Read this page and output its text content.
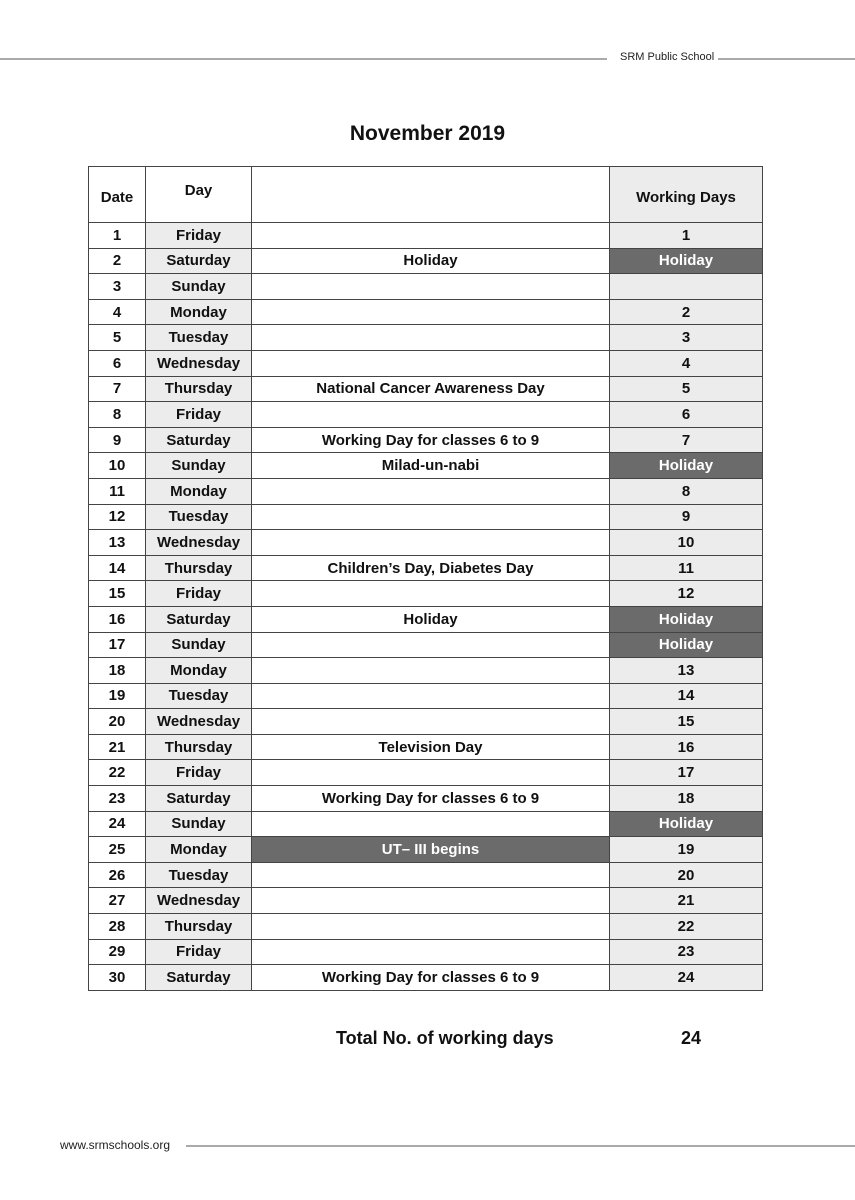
SRM Public School
November 2019
Date	Day		Working Days
1	Friday		1
2	Saturday	Holiday	Holiday
3	Sunday		
4	Monday		2
5	Tuesday		3
6	Wednesday		4
7	Thursday	National Cancer Awareness Day	5
8	Friday		6
9	Saturday	Working Day for classes 6 to 9	7
10	Sunday	Milad-un-nabi	Holiday
11	Monday		8
12	Tuesday		9
13	Wednesday		10
14	Thursday	Children’s Day, Diabetes Day	11
15	Friday		12
16	Saturday	Holiday	Holiday
17	Sunday		Holiday
18	Monday		13
19	Tuesday		14
20	Wednesday		15
21	Thursday	Television Day	16
22	Friday		17
23	Saturday	Working Day for classes 6 to 9	18
24	Sunday		Holiday
25	Monday	UT– III begins	19
26	Tuesday		20
27	Wednesday		21
28	Thursday		22
29	Friday		23
30	Saturday	Working Day for classes 6 to 9	24
Total No. of working days	24
www.srmschools.org
